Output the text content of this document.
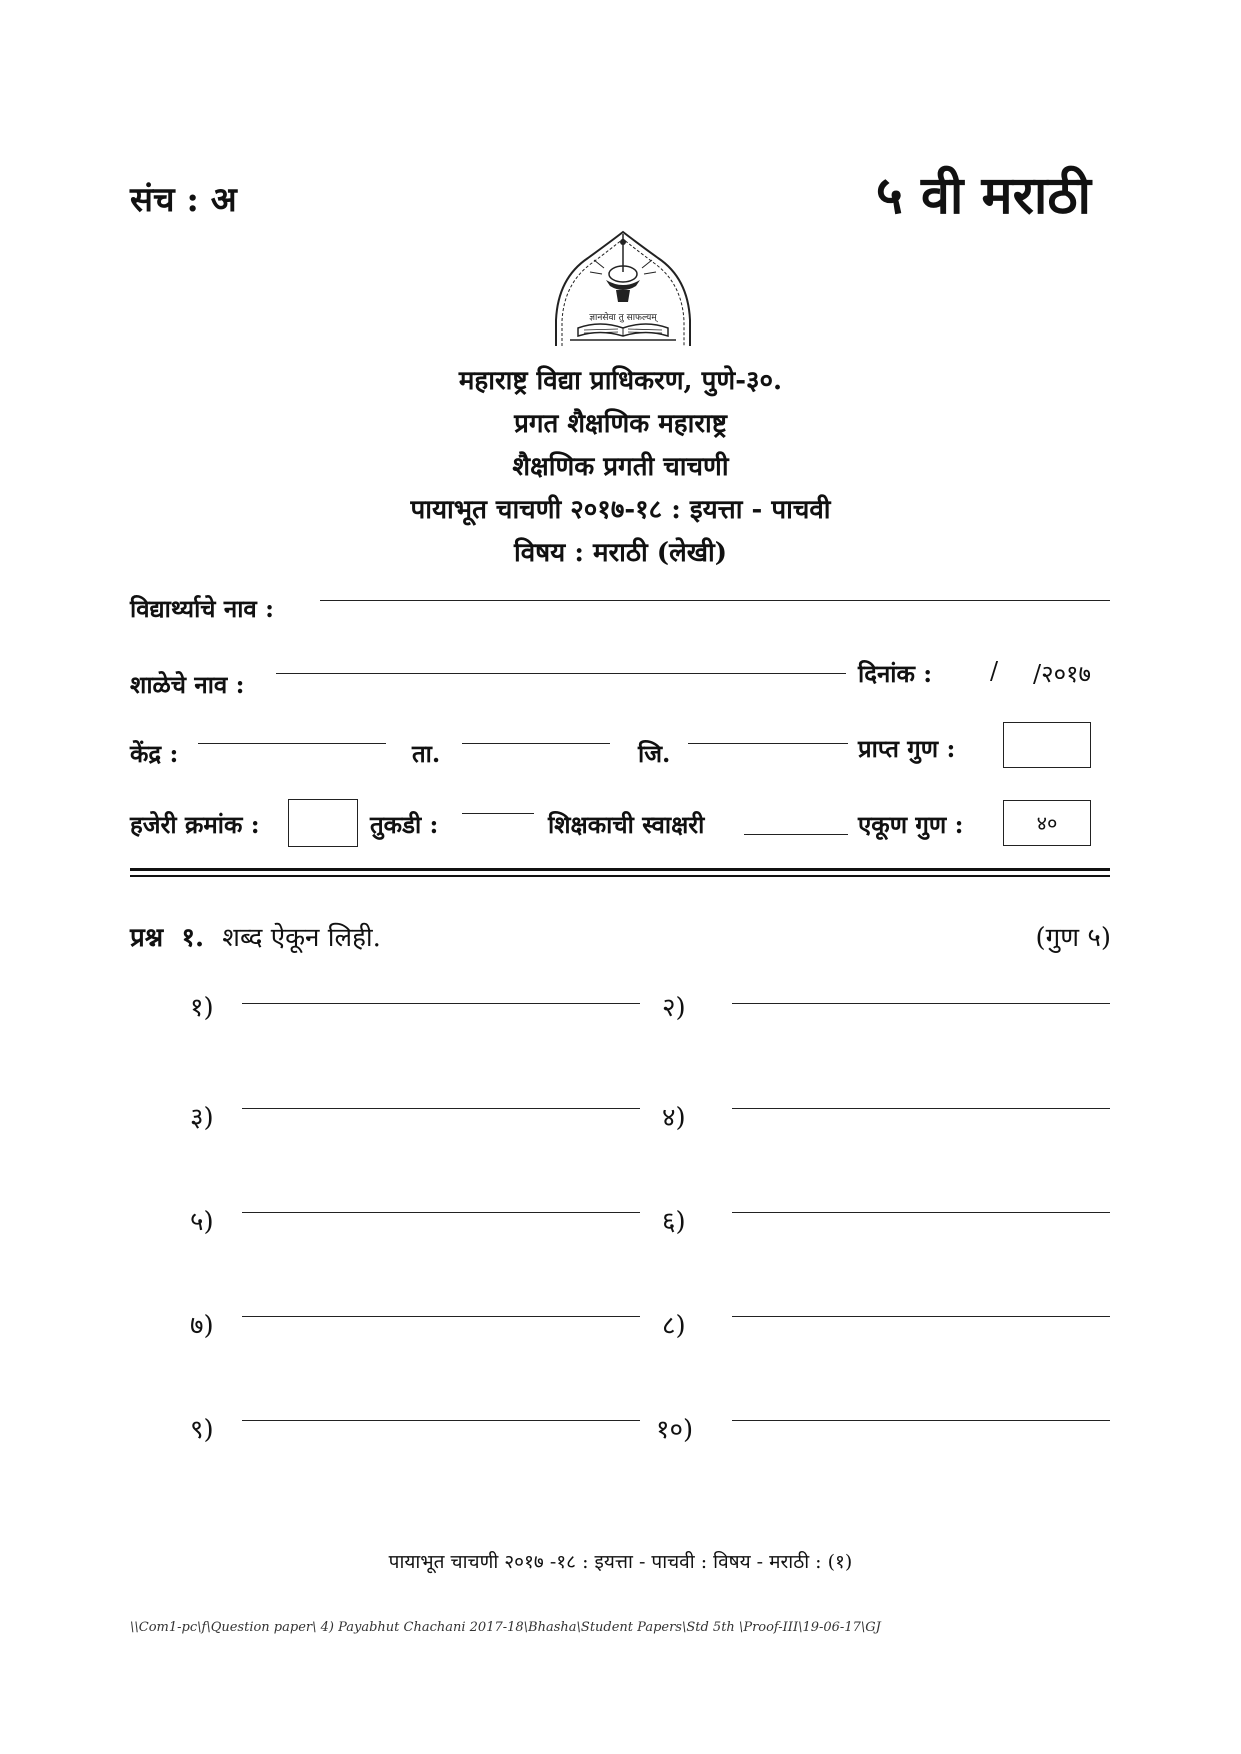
संच : अ	५ वी मराठी
ज्ञानसेवा तु साफल्यम्
महाराष्ट्र विद्या प्राधिकरण, पुणे-३०.
प्रगत शैक्षणिक महाराष्ट्र
शैक्षणिक प्रगती चाचणी
पायाभूत चाचणी २०१७-१८ : इयत्ता - पाचवी
विषय : मराठी (लेखी)
विद्यार्थ्याचे नाव :
शाळेचे नाव :	दिनांक : / /२०१७
केंद्र :	ता.	जि.	प्राप्त गुण :
हजेरी क्रमांक :	तुकडी :	शिक्षकाची स्वाक्षरी	एकूण गुण :	४०
प्रश्न १. शब्द ऐकून लिही.	(गुण ५)
१)	२)
३)	४)
५)	६)
७)	८)
९)	१०)
पायाभूत चाचणी २०१७ -१८ : इयत्ता - पाचवी : विषय - मराठी : (१)
\\Com1-pc\f\Question paper\ 4) Payabhut Chachani 2017-18\Bhasha\Student Papers\Std 5th \Proof-III\19-06-17\GJ
